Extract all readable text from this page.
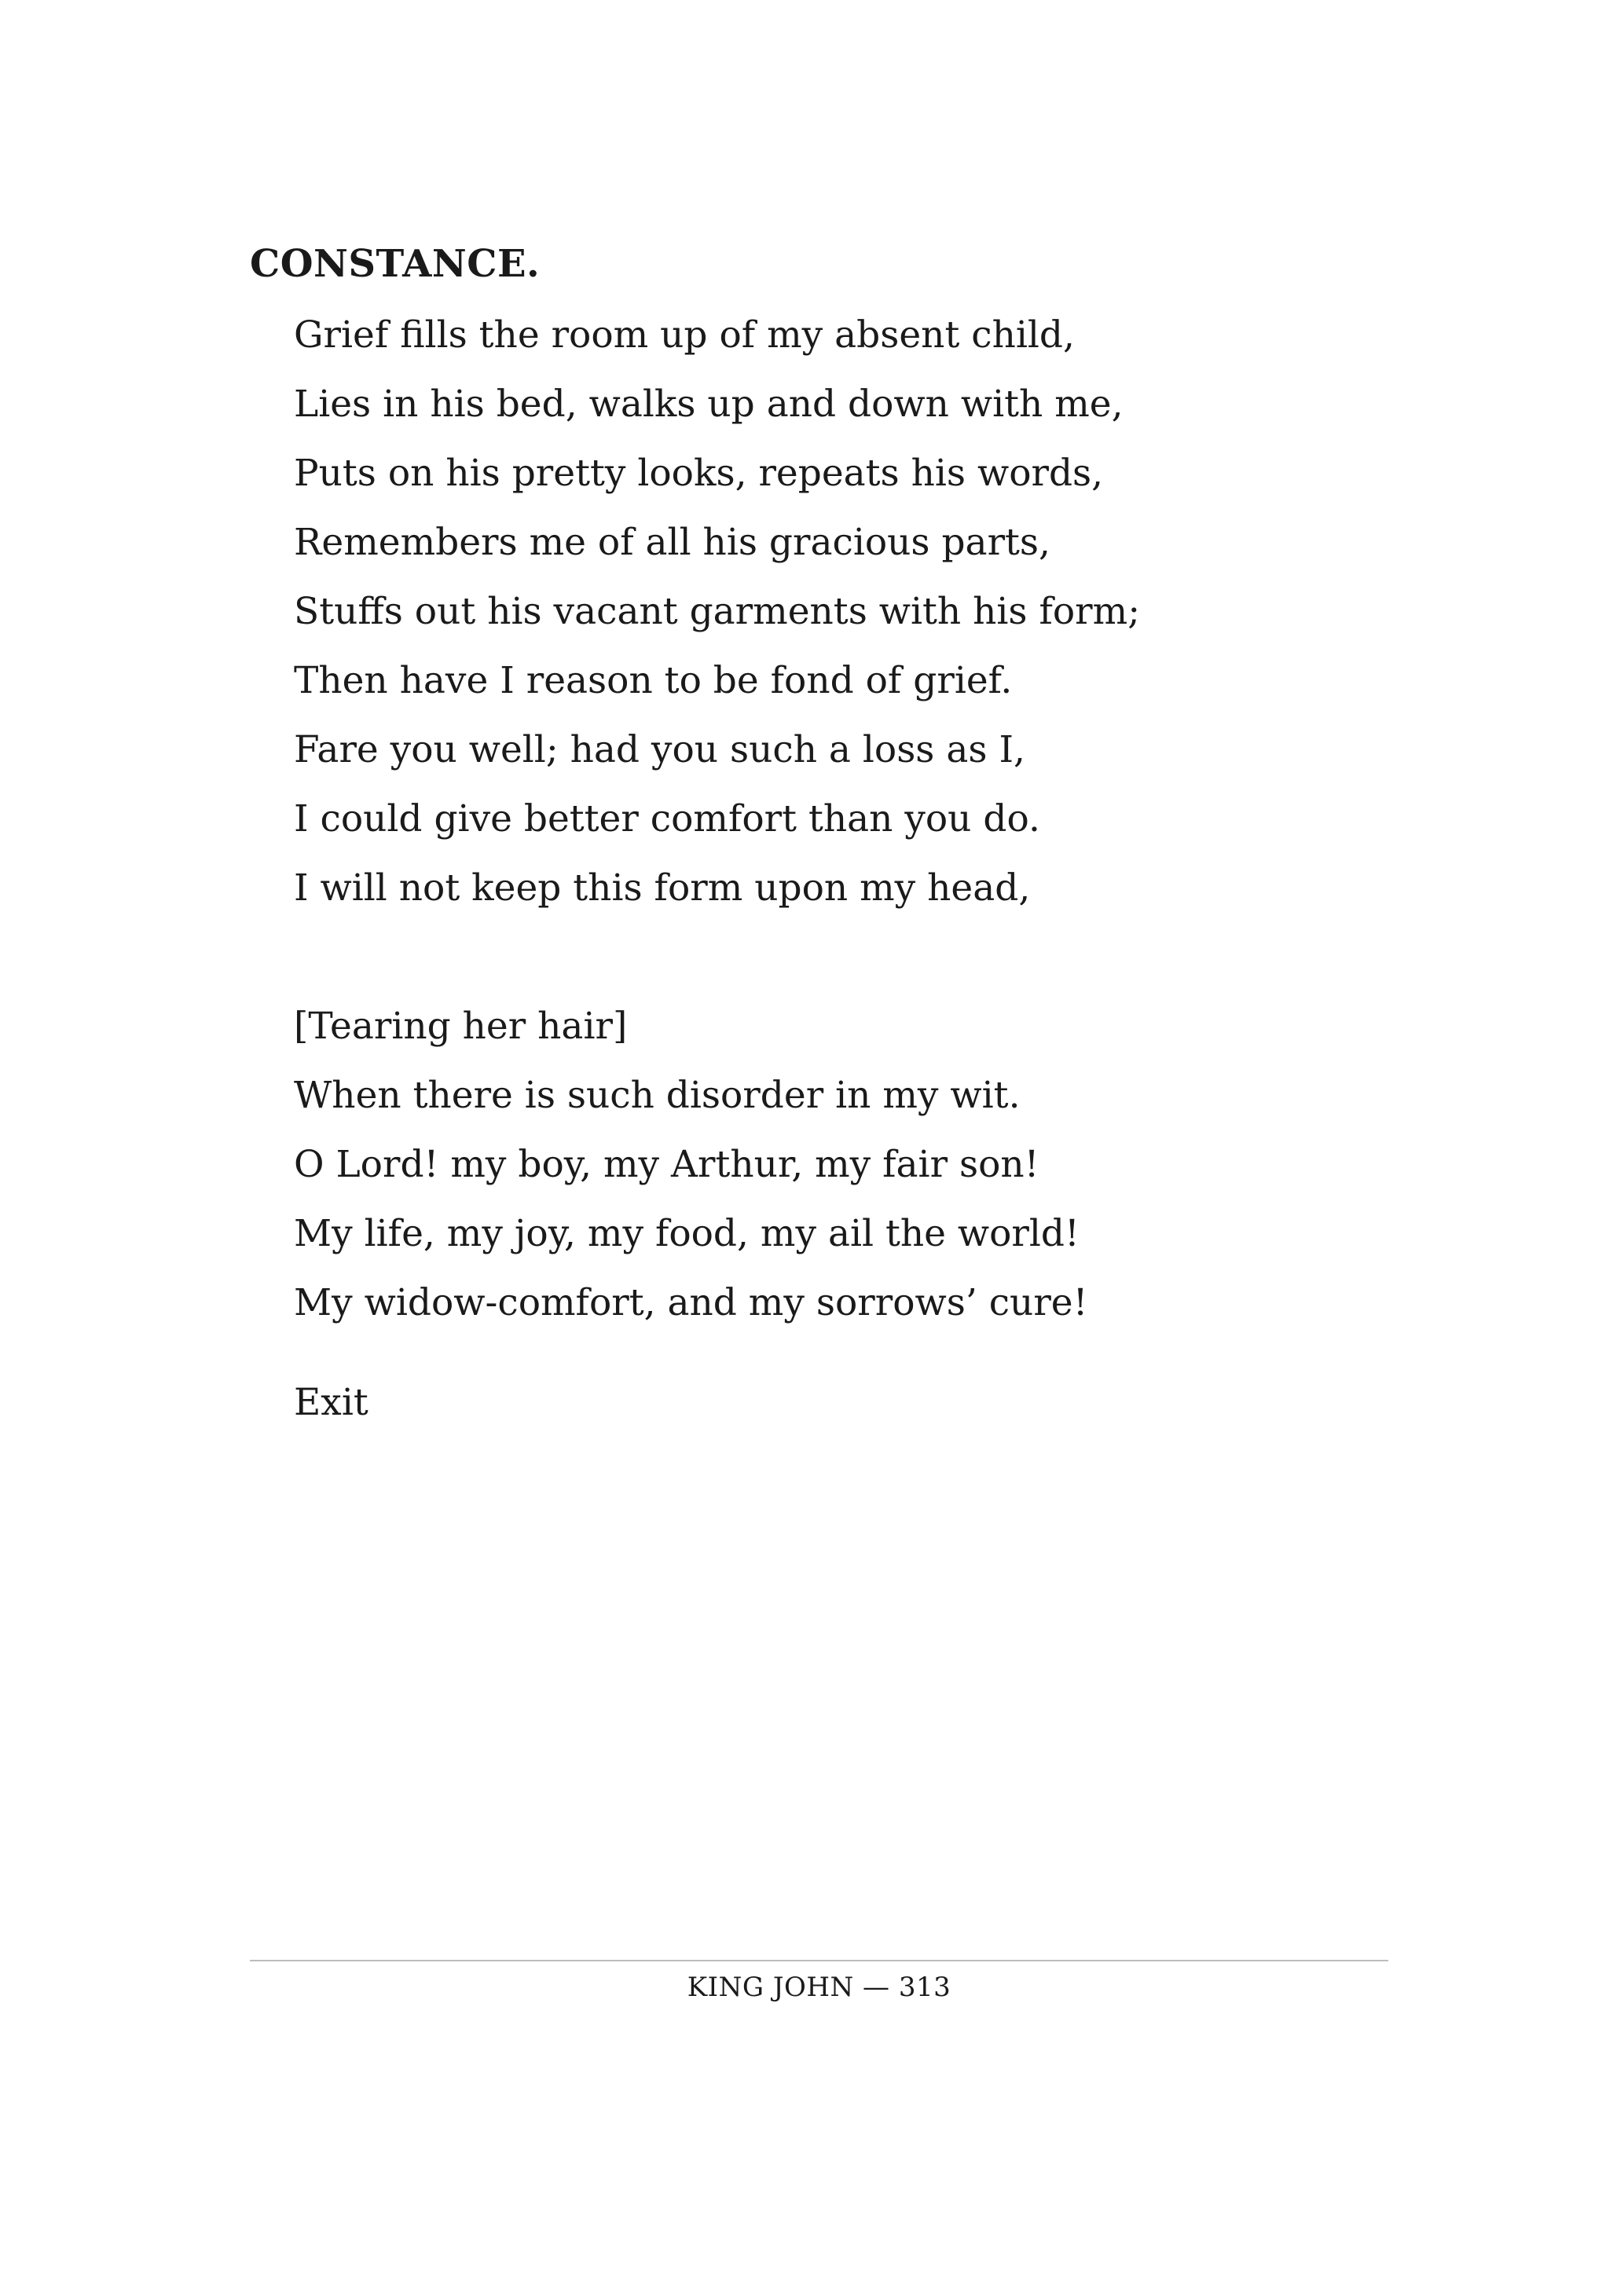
CONSTANCE.
Grief fills the room up of my absent child,
Lies in his bed, walks up and down with me,
Puts on his pretty looks, repeats his words,
Remembers me of all his gracious parts,
Stuffs out his vacant garments with his form;
Then have I reason to be fond of grief.
Fare you well; had you such a loss as I,
I could give better comfort than you do.
I will not keep this form upon my head,
[Tearing her hair]
When there is such disorder in my wit.
O Lord! my boy, my Arthur, my fair son!
My life, my joy, my food, my ail the world!
My widow-comfort, and my sorrows’ cure!
Exit
KING JOHN — 313
